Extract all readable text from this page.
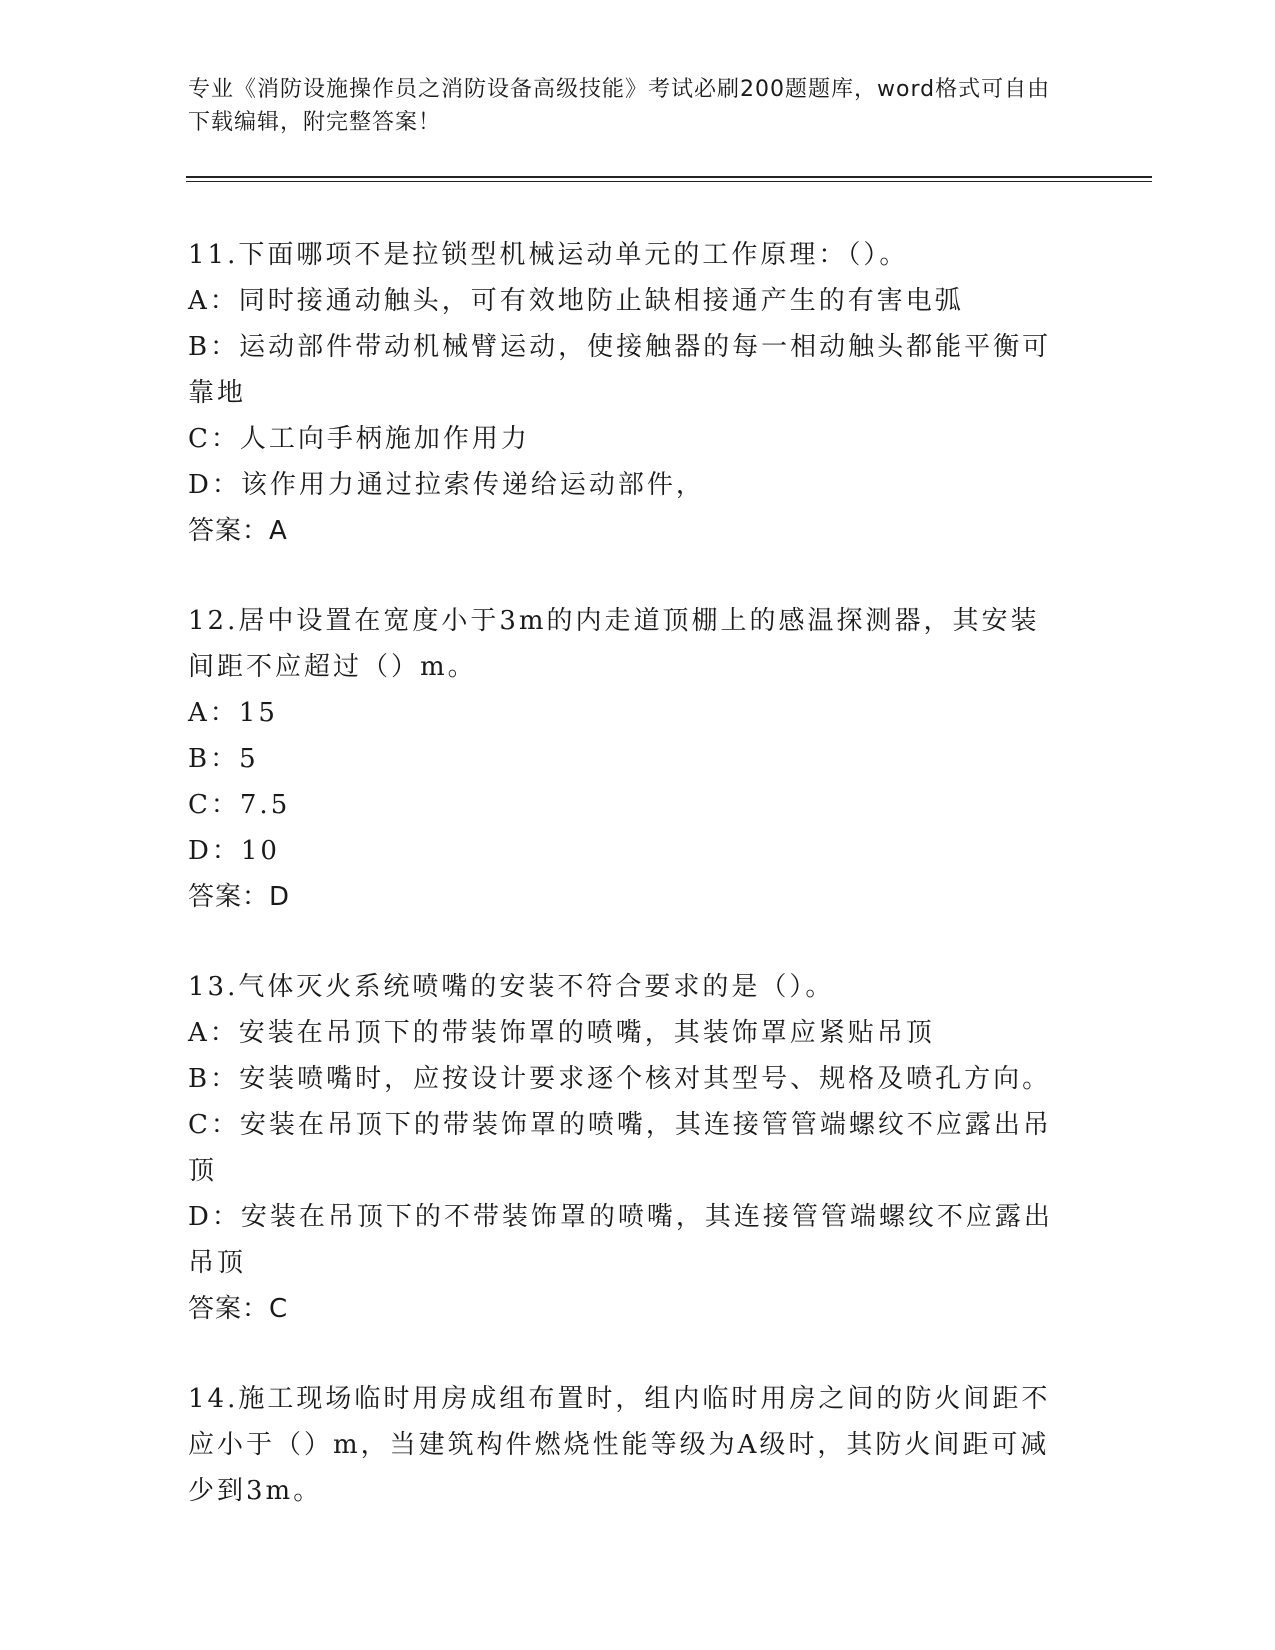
专业《消防设施操作员之消防设备高级技能》考试必刷200题题库，word格式可自由下载编辑，附完整答案！
11.下面哪项不是拉锁型机械运动单元的工作原理：（）。
A：同时接通动触头，可有效地防止缺相接通产生的有害电弧
B：运动部件带动机械臂运动，使接触器的每一相动触头都能平衡可靠地
C：人工向手柄施加作用力
D：该作用力通过拉索传递给运动部件，
答案：A
12.居中设置在宽度小于3m的内走道顶棚上的感温探测器，其安装间距不应超过（）m。
A：15
B：5
C：7.5
D：10
答案：D
13.气体灭火系统喷嘴的安装不符合要求的是（）。
A：安装在吊顶下的带装饰罩的喷嘴，其装饰罩应紧贴吊顶
B：安装喷嘴时，应按设计要求逐个核对其型号、规格及喷孔方向。
C：安装在吊顶下的带装饰罩的喷嘴，其连接管管端螺纹不应露出吊顶
D：安装在吊顶下的不带装饰罩的喷嘴，其连接管管端螺纹不应露出吊顶
答案：C
14.施工现场临时用房成组布置时，组内临时用房之间的防火间距不应小于（）m，当建筑构件燃烧性能等级为A级时，其防火间距可减少到3m。
